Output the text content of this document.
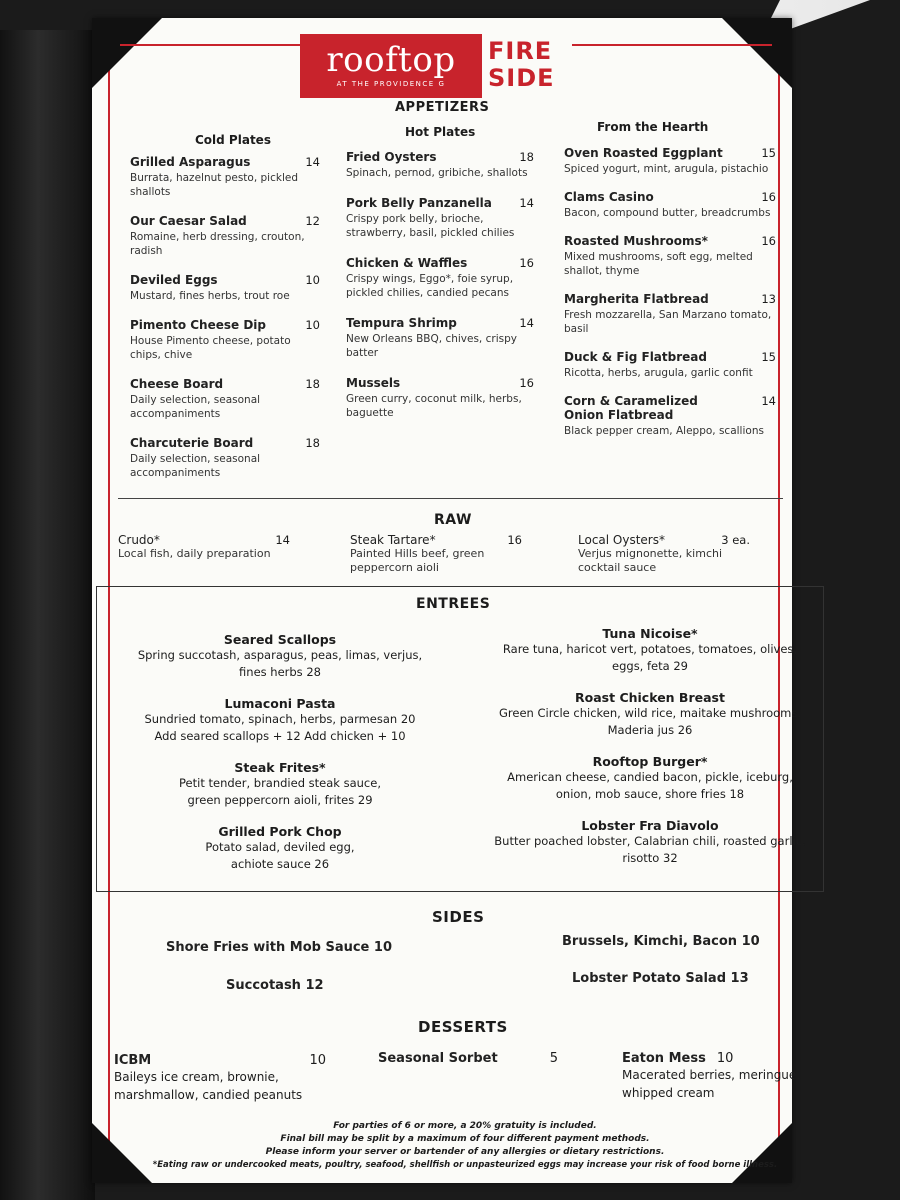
rooftop
AT THE PROVIDENCE G
FIRE
SIDE
APPETIZERS
Cold Plates
Hot Plates	From the Hearth
Grilled Asparagus	14
Burrata, hazelnut pesto, pickled shallots
Our Caesar Salad	12
Romaine, herb dressing, crouton, radish
Deviled Eggs	10
Mustard, fines herbs, trout roe
Pimento Cheese Dip	10
House Pimento cheese, potato chips, chive
Cheese Board	18
Daily selection, seasonal accompaniments
Charcuterie Board	18
Daily selection, seasonal accompaniments
Fried Oysters	18
Spinach, pernod, gribiche, shallots
Pork Belly Panzanella 14
Crispy pork belly, brioche, strawberry, basil, pickled chilies
Chicken & Waffles	16
Crispy wings, Eggo*, foie syrup, pickled chilies, candied pecans
Tempura Shrimp	14
New Orleans BBQ, chives, crispy batter
Mussels	16
Green curry, coconut milk, herbs, baguette
Oven Roasted Eggplant	15
Spiced yogurt, mint, arugula, pistachio
Clams Casino	16
Bacon, compound butter, breadcrumbs
Roasted Mushrooms*	16
Mixed mushrooms, soft egg, melted shallot, thyme
Margherita Flatbread	13
Fresh mozzarella, San Marzano tomato, basil
Duck & Fig Flatbread	15
Ricotta, herbs, arugula, garlic confit
Corn & Caramelized Onion Flatbread
14
Black pepper cream, Aleppo, scallions
RAW
Crudo*	14
Local fish, daily preparation
Steak Tartare*	16
Painted Hills beef, green peppercorn aioli
Local Oysters*	3 ea.
Verjus mignonette, kimchi cocktail sauce
ENTREES
Seared Scallops
Spring succotash, asparagus, peas, limas, verjus,
fines herbs 28
Lumaconi Pasta
Sundried tomato, spinach, herbs, parmesan 20
Add seared scallops + 12 Add chicken + 10
Steak Frites*
Petit tender, brandied steak sauce,
green peppercorn aioli, frites 29
Grilled Pork Chop
Potato salad, deviled egg,
achiote sauce 26
Tuna Nicoise*
Rare tuna, haricot vert, potatoes, tomatoes, olives,
eggs, feta 29
Roast Chicken Breast
Green Circle chicken, wild rice, maitake mushrooms,
Maderia jus 26
Rooftop Burger*
American cheese, candied bacon, pickle, iceburg,
onion, mob sauce, shore fries 18
Lobster Fra Diavolo
Butter poached lobster, Calabrian chili, roasted garlic,
risotto 32
SIDES
Shore Fries with Mob Sauce 10	Brussels, Kimchi, Bacon 10
Succotash 12	Lobster Potato Salad 13
DESSERTS
ICBM	10
Baileys ice cream, brownie, marshmallow, candied peanuts
Seasonal Sorbet	5	Eaton Mess 10
Macerated berries, meringue, whipped cream
For parties of 6 or more, a 20% gratuity is included.
Final bill may be split by a maximum of four different payment methods.
Please inform your server or bartender of any allergies or dietary restrictions.
*Eating raw or undercooked meats, poultry, seafood, shellfish or unpasteurized eggs may increase your risk of food borne illness.
